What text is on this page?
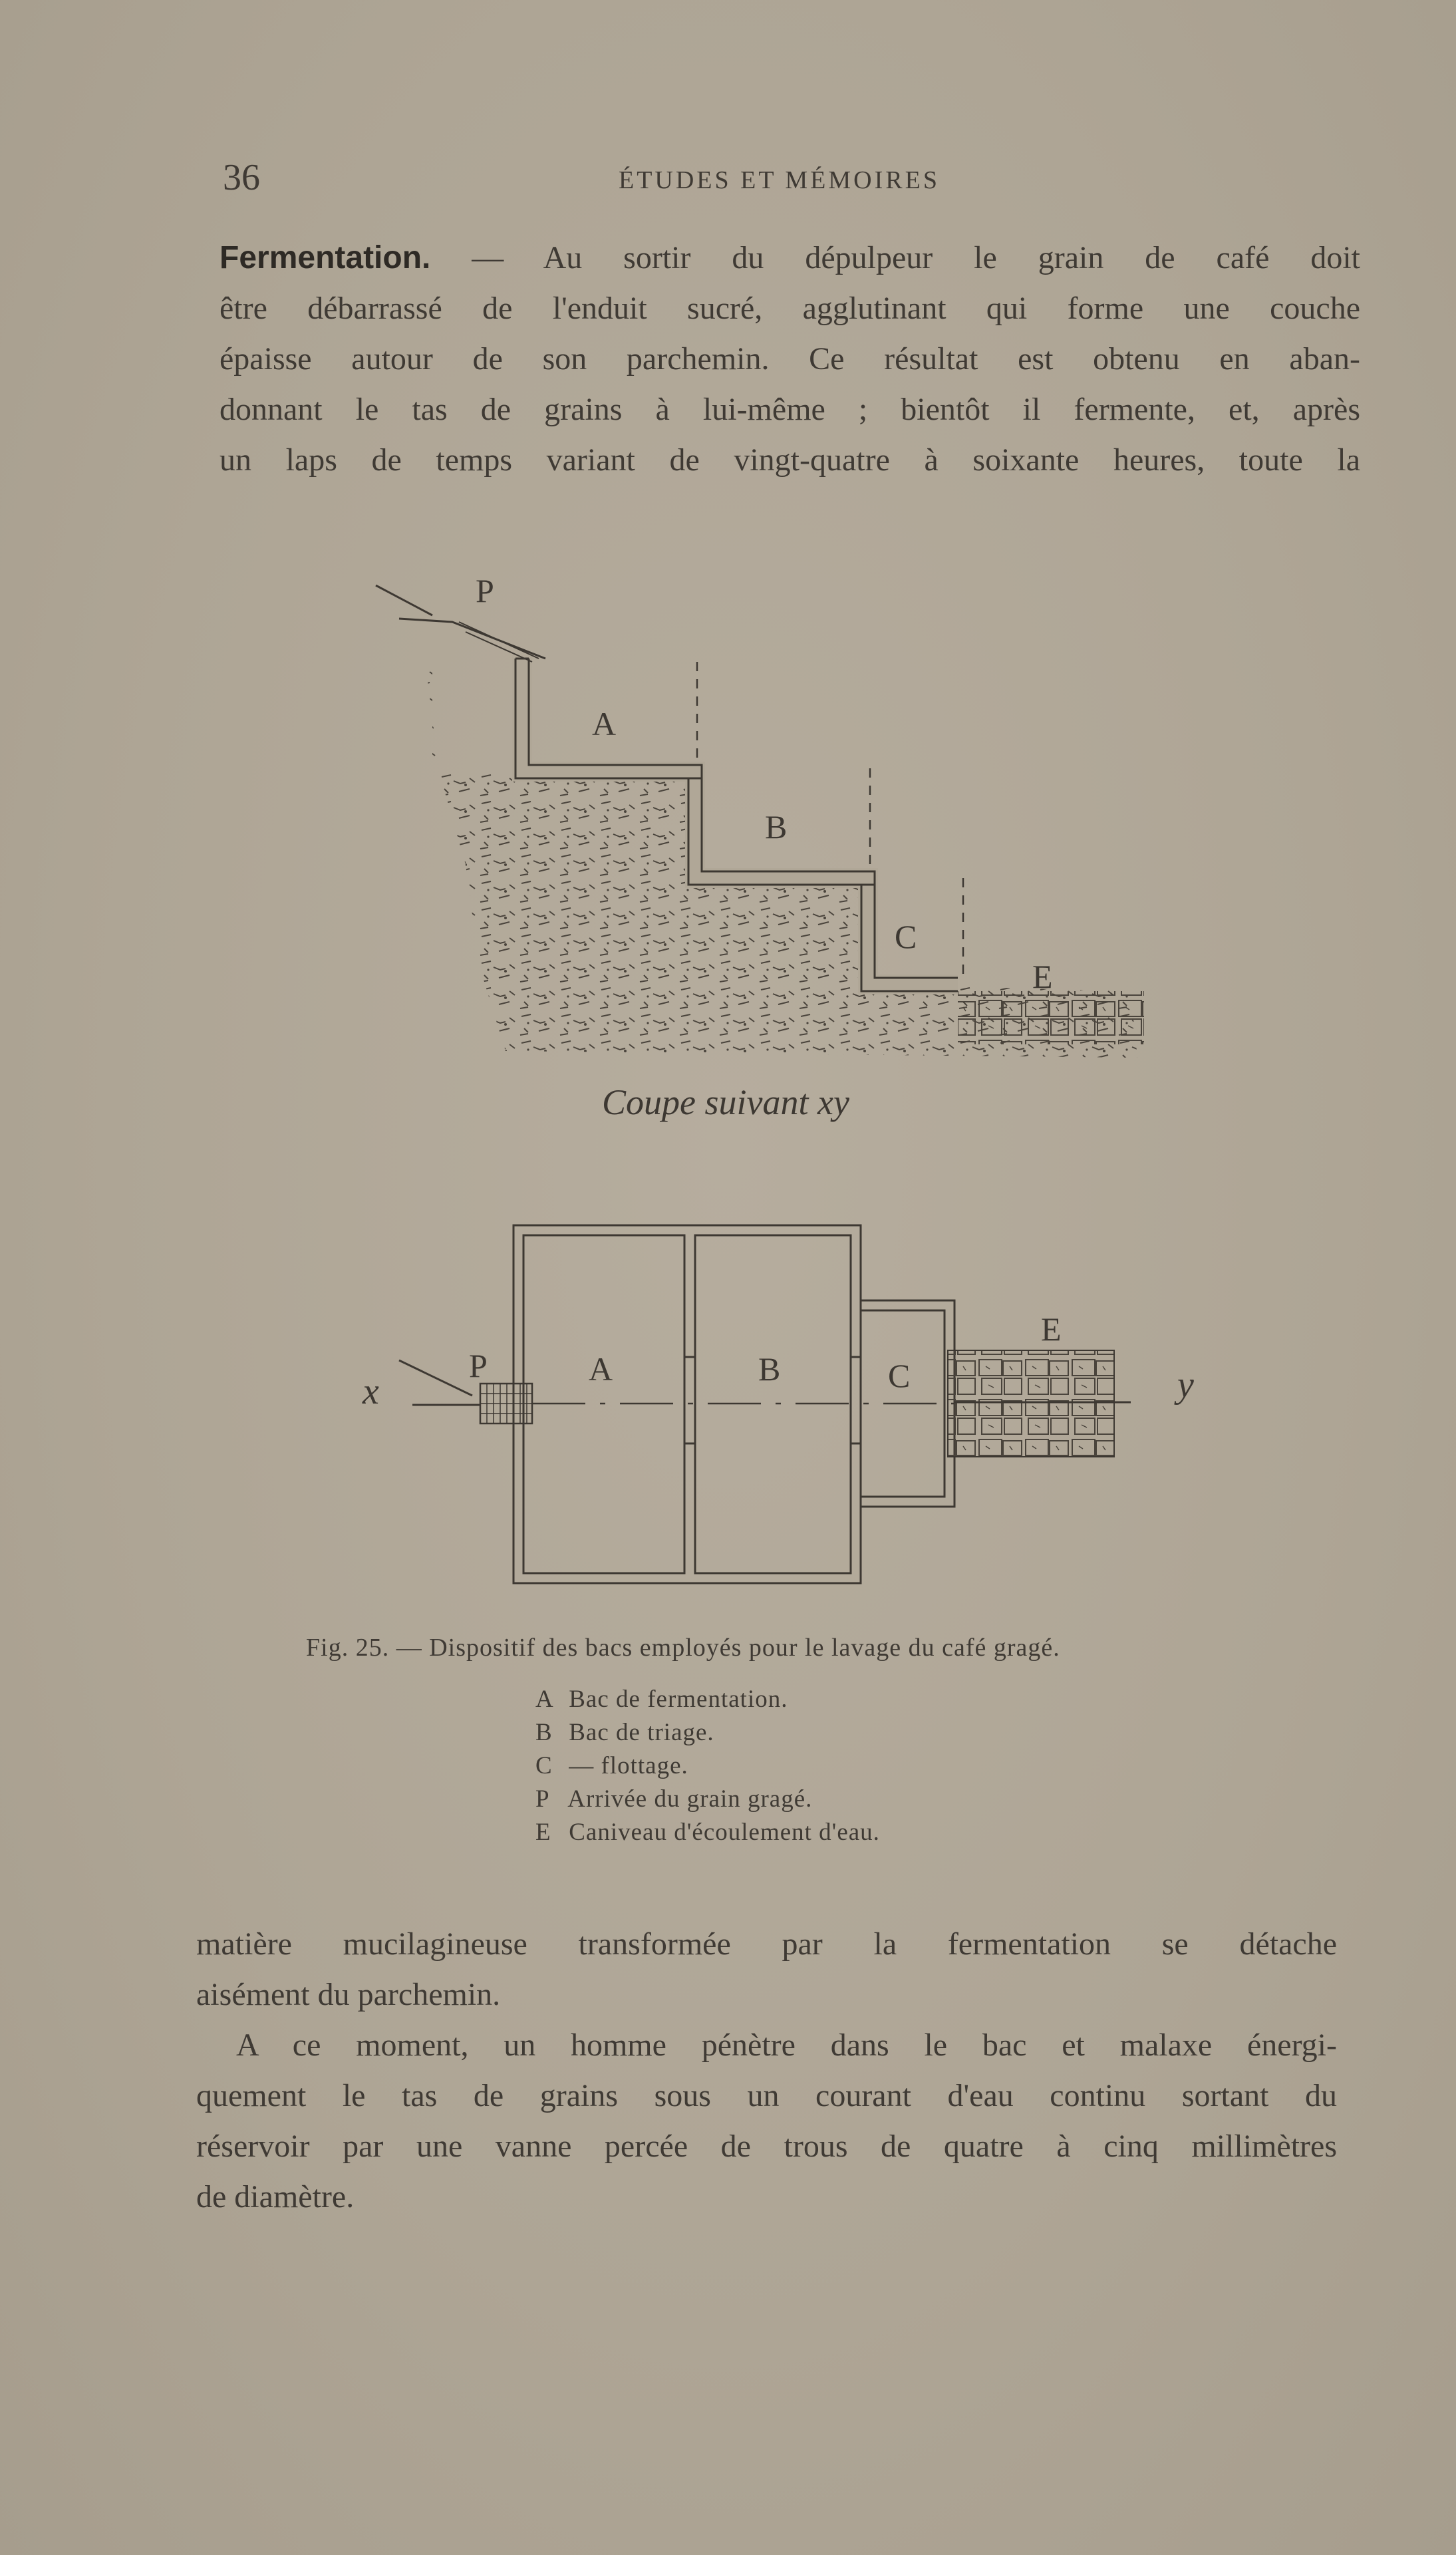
36	ÉTUDES ET MÉMOIRES
Fermentation. — Au sortir du dépulpeur le grain de café doit
être débarrassé de l'enduit sucré, agglutinant qui forme une couche
épaisse autour de son parchemin. Ce résultat est obtenu en aban-
donnant le tas de grains à lui-même ; bientôt il fermente, et, après
un laps de temps variant de vingt-quatre à soixante heures, toute la
P
A
B
C
E
Coupe suivant xy
x
P	A	B	C
E
y
Fig. 25. — Dispositif des bacs employés pour le lavage du café gragé.
A Bac de fermentation.
B Bac de triage.
C — flottage.
P Arrivée du grain gragé.
E Caniveau d'écoulement d'eau.
matière mucilagineuse transformée par la fermentation se détache
aisément du parchemin.
A ce moment, un homme pénètre dans le bac et malaxe énergi-
quement le tas de grains sous un courant d'eau continu sortant du
réservoir par une vanne percée de trous de quatre à cinq millimètres
de diamètre.
